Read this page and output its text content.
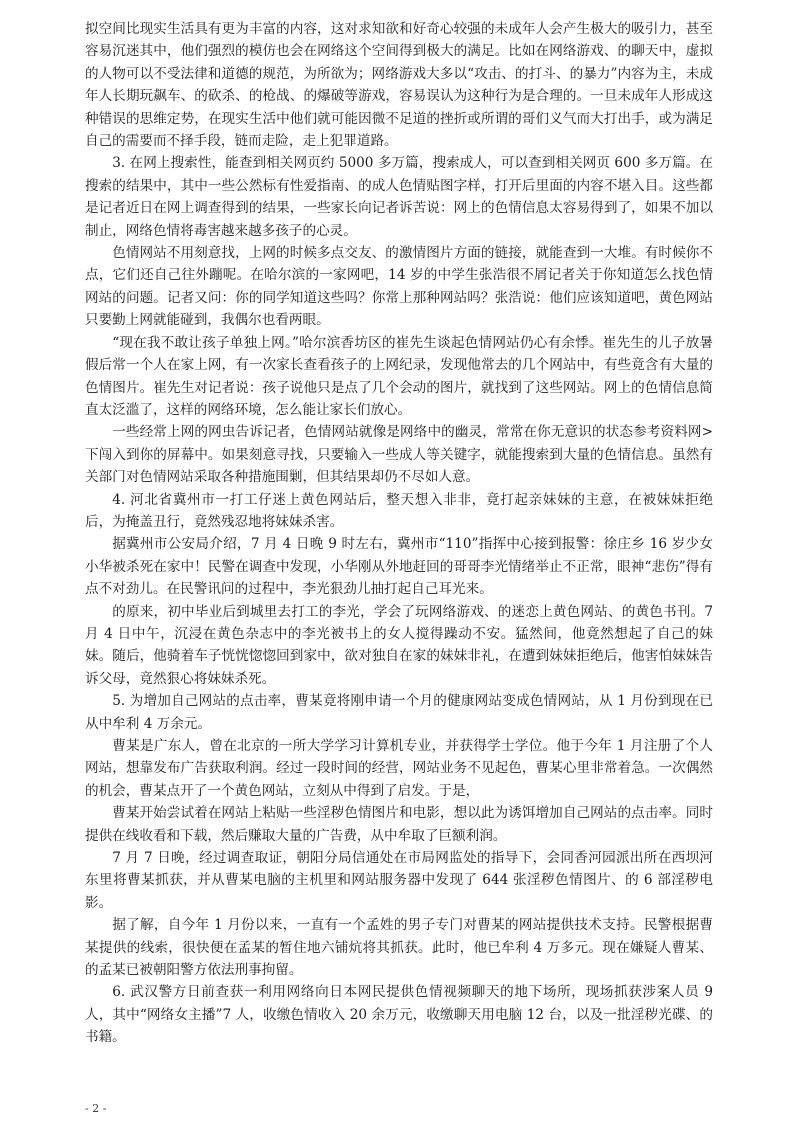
拟空间比现实生活具有更为丰富的内容，这对求知欲和好奇心较强的未成年人会产生极大的吸引力，甚至容易沉迷其中，他们强烈的模仿也会在网络这个空间得到极大的满足。比如在网络游戏、的聊天中，虚拟的人物可以不受法律和道德的规范，为所欲为；网络游戏大多以“攻击、的打斗、的暴力”内容为主，未成年人长期玩飙车、的砍杀、的枪战、的爆破等游戏，容易误认为这种行为是合理的。一旦未成年人形成这种错误的思维定势，在现实生活中他们就可能因微不足道的挫折或所谓的哥们义气而大打出手，或为满足自己的需要而不择手段，链而走险，走上犯罪道路。

3. 在网上搜索性，能查到相关网页约 5000 多万篇，搜索成人，可以查到相关网页 600 多万篇。在搜索的结果中，其中一些公然标有性爱指南、的成人色情贴图字样，打开后里面的内容不堪入目。这些都是记者近日在网上调查得到的结果，一些家长向记者诉苦说：网上的色情信息太容易得到了，如果不加以制止，网络色情将毒害越来越多孩子的心灵。

色情网站不用刻意找，上网的时候多点交友、的激情图片方面的链接，就能查到一大堆。有时候你不点，它们还自己往外蹦呢。在哈尔滨的一家网吧，14 岁的中学生张浩很不屑记者关于你知道怎么找色情网站的问题。记者又问：你的同学知道这些吗？你常上那种网站吗？张浩说：他们应该知道吧，黄色网站只要勤上网就能碰到，我偶尔也看两眼。

“现在我不敢让孩子单独上网。”哈尔滨香坊区的崔先生谈起色情网站仍心有余悸。崔先生的儿子放暑假后常一个人在家上网，有一次家长查看孩子的上网纪录，发现他常去的几个网站中，有些竟含有大量的色情图片。崔先生对记者说：孩子说他只是点了几个会动的图片，就找到了这些网站。网上的色情信息简直太泛滥了，这样的网络环境，怎么能让家长们放心。

一些经常上网的网虫告诉记者，色情网站就像是网络中的幽灵，常常在你无意识的状态参考资料网>下闯入到你的屏幕中。如果刻意寻找，只要输入一些成人等关键字，就能搜索到大量的色情信息。虽然有关部门对色情网站采取各种措施围剿，但其结果却仍不尽如人意。

4. 河北省冀州市一打工仔迷上黄色网站后，整天想入非非，竟打起亲妹妹的主意，在被妹妹拒绝后，为掩盖丑行，竟然残忍地将妹妹杀害。

据冀州市公安局介绍，7 月 4 日晚 9 时左右，冀州市“110”指挥中心接到报警：徐庄乡 16 岁少女小华被杀死在家中！民警在调查中发现，小华刚从外地赶回的哥哥李光情绪举止不正常，眼神“悲伤”得有点不对劲儿。在民警讯问的过程中，李光狠劲儿抽打起自己耳光来。

的原来，初中毕业后到城里去打工的李光，学会了玩网络游戏、的迷恋上黄色网站、的黄色书刊。7 月 4 日中午，沉浸在黄色杂志中的李光被书上的女人搅得躁动不安。猛然间，他竟然想起了自己的妹妹。随后，他骑着车子恍恍惚惚回到家中，欲对独自在家的妹妹非礼，在遭到妹妹拒绝后，他害怕妹妹告诉父母，竟然狠心将妹妹杀死。

5. 为增加自己网站的点击率，曹某竟将刚申请一个月的健康网站变成色情网站，从 1 月份到现在已从中牟利 4 万余元。

曹某是广东人，曾在北京的一所大学学习计算机专业，并获得学士学位。他于今年 1 月注册了个人网站，想靠发布广告获取利润。经过一段时间的经营，网站业务不见起色，曹某心里非常着急。一次偶然的机会，曹某点开了一个黄色网站，立刻从中得到了启发。于是，

曹某开始尝试着在网站上粘贴一些淫秽色情图片和电影，想以此为诱饵增加自己网站的点击率。同时提供在线收看和下载，然后赚取大量的广告费，从中牟取了巨额利润。

7 月 7 日晚，经过调查取证，朝阳分局信通处在市局网监处的指导下，会同香河园派出所在西坝河东里将曹某抓获，并从曹某电脑的主机里和网站服务器中发现了 644 张淫秽色情图片、的 6 部淫秽电影。

据了解，自今年 1 月份以来，一直有一个孟姓的男子专门对曹某的网站提供技术支持。民警根据曹某提供的线索，很快便在孟某的暂住地六铺炕将其抓获。此时，他已牟利 4 万多元。现在嫌疑人曹某、的孟某已被朝阳警方依法刑事拘留。

6. 武汉警方日前查获一利用网络向日本网民提供色情视频聊天的地下场所，现场抓获涉案人员 9 人，其中“网络女主播”7 人，收缴色情收入 20 余万元，收缴聊天用电脑 12 台，以及一批淫秽光碟、的书籍。

- 2 -
